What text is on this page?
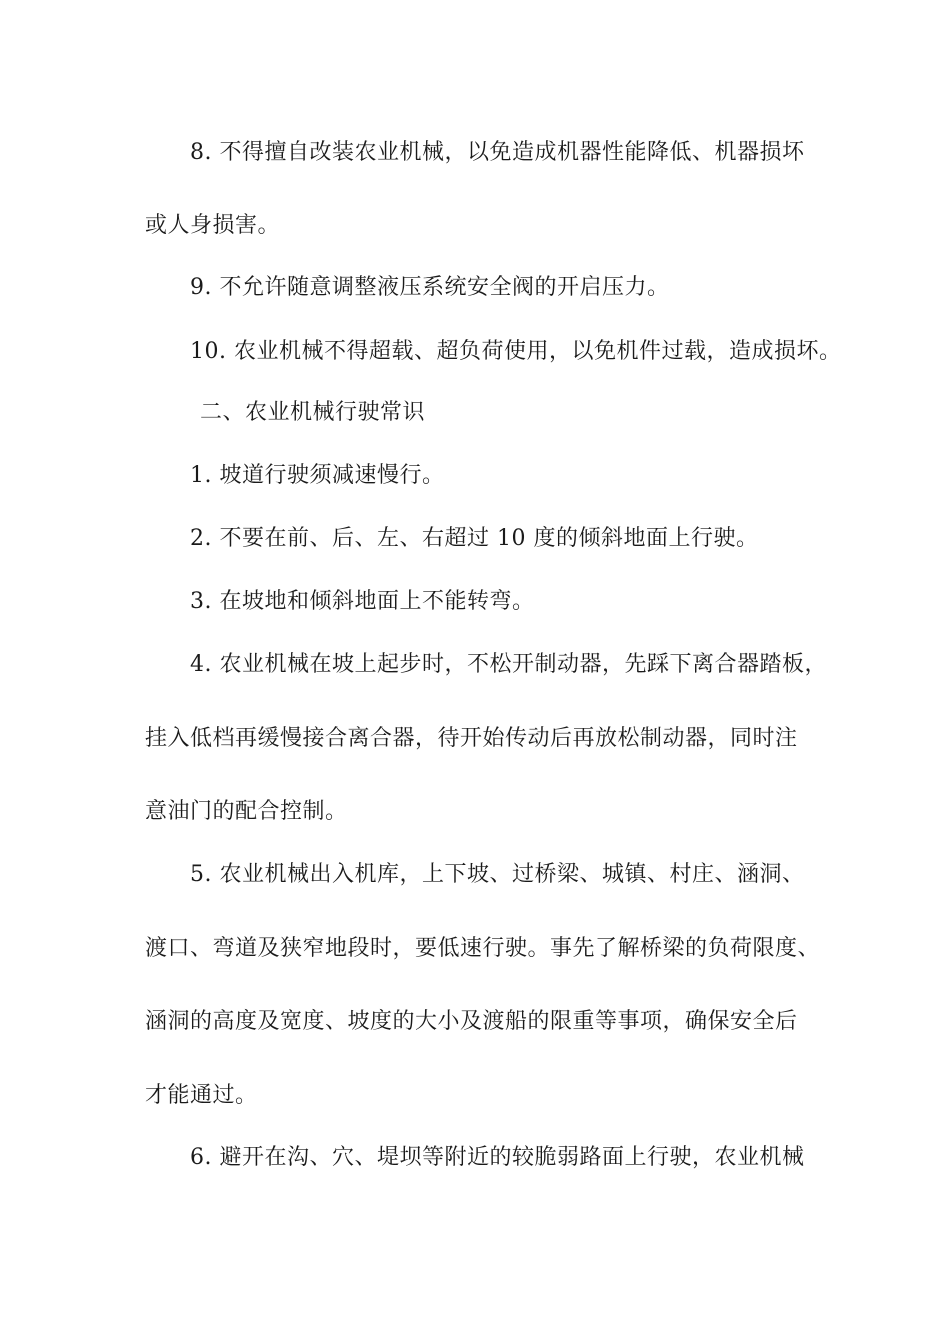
8. 不得擅自改装农业机械，以免造成机器性能降低、机器损坏
或人身损害。
9. 不允许随意调整液压系统安全阀的开启压力。
10. 农业机械不得超载、超负荷使用，以免机件过载，造成损坏。
二、农业机械行驶常识
1. 坡道行驶须减速慢行。
2. 不要在前、后、左、右超过 10 度的倾斜地面上行驶。
3. 在坡地和倾斜地面上不能转弯。
4. 农业机械在坡上起步时，不松开制动器，先踩下离合器踏板，
挂入低档再缓慢接合离合器，待开始传动后再放松制动器，同时注
意油门的配合控制。
5. 农业机械出入机库，上下坡、过桥梁、城镇、村庄、涵洞、
渡口、弯道及狭窄地段时，要低速行驶。事先了解桥梁的负荷限度、
涵洞的高度及宽度、坡度的大小及渡船的限重等事项，确保安全后
才能通过。
6. 避开在沟、穴、堤坝等附近的较脆弱路面上行驶，农业机械
